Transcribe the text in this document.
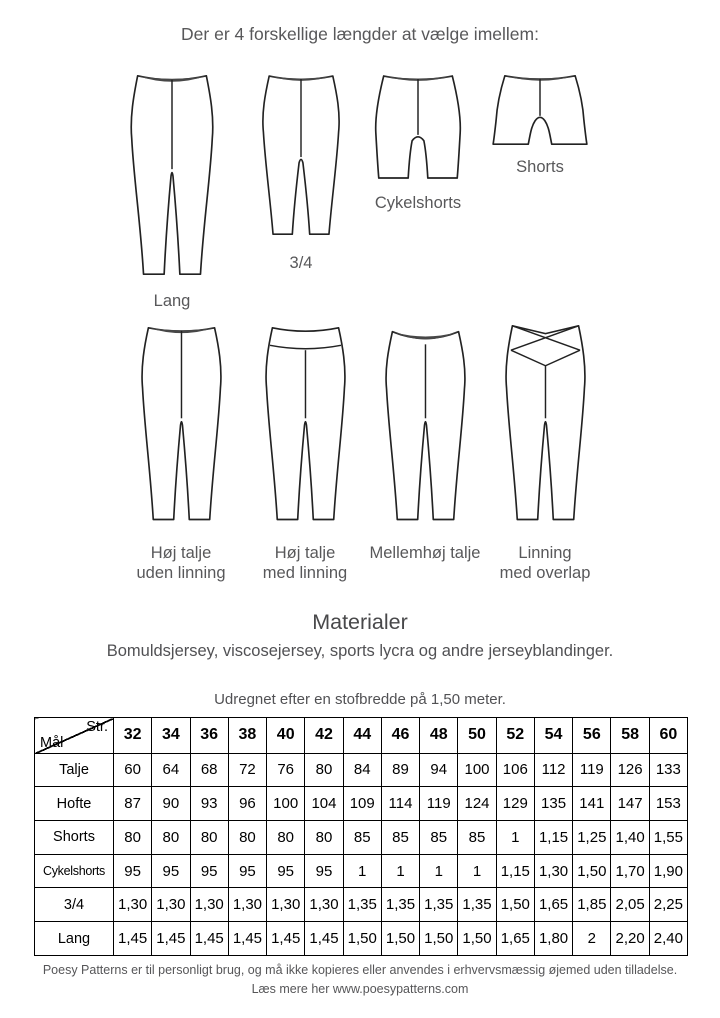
Der er 4 forskellige længder at vælge imellem:
Lang
3/4
Cykelshorts
Shorts
Høj talje
uden linning
Høj talje
med linning
Mellemhøj talje	Linning
med overlap
Materialer
Bomuldsjersey, viscosejersey, sports lycra og andre jerseyblandinger.
Udregnet efter en stofbredde på 1,50 meter.
Str.
Mål	32	34	36	38	40	42	44	46	48	50	52	54	56	58	60
Talje	60	64	68	72	76	80	84	89	94	100	106	112	119	126	133
Hofte	87	90	93	96	100	104	109	114	119	124	129	135	141	147	153
Shorts	80	80	80	80	80	80	85	85	85	85	1	1,15	1,25	1,40	1,55
Cykelshorts	95	95	95	95	95	95	1	1	1	1	1,15	1,30	1,50	1,70	1,90
3/4	1,30	1,30	1,30	1,30	1,30	1,30	1,35	1,35	1,35	1,35	1,50	1,65	1,85	2,05	2,25
Lang	1,45	1,45	1,45	1,45	1,45	1,45	1,50	1,50	1,50	1,50	1,65	1,80	2	2,20	2,40
Poesy Patterns er til personligt brug, og må ikke kopieres eller anvendes i erhvervsmæssig øjemed uden tilladelse.
Læs mere her www.poesypatterns.com
